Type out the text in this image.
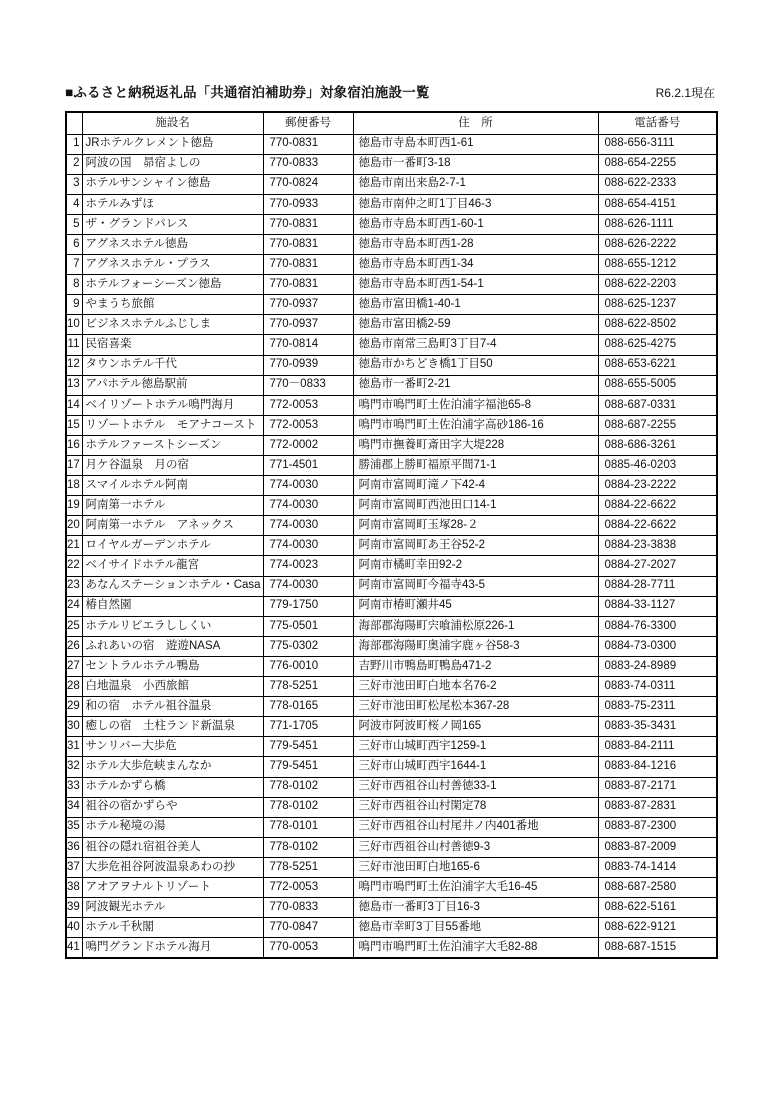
■ふるさと納税返礼品「共通宿泊補助券」対象宿泊施設一覧	R6.2.1現在
	施設名	郵便番号	住　所	電話番号
1	JRホテルクレメント徳島	770-0831	徳島市寺島本町西1-61	088-656-3111
2	阿波の国　昴宿よしの	770-0833	徳島市一番町3-18	088-654-2255
3	ホテルサンシャイン徳島	770-0824	徳島市南出来島2-7-1	088-622-2333
4	ホテルみずほ	770-0933	徳島市南仲之町1丁目46-3	088-654-4151
5	ザ・グランドパレス	770-0831	徳島市寺島本町西1-60-1	088-626-1111
6	アグネスホテル徳島	770-0831	徳島市寺島本町西1-28	088-626-2222
7	アグネスホテル・プラス	770-0831	徳島市寺島本町西1-34	088-655-1212
8	ホテルフォーシーズン徳島	770-0831	徳島市寺島本町西1-54-1	088-622-2203
9	やまうち旅館	770-0937	徳島市富田橋1-40-1	088-625-1237
10	ビジネスホテルふじしま	770-0937	徳島市富田橋2-59	088-622-8502
11	民宿喜楽	770-0814	徳島市南常三島町3丁目7-4	088-625-4275
12	タウンホテル千代	770-0939	徳島市かちどき橋1丁目50	088-653-6221
13	アパホテル徳島駅前	770－0833	徳島市一番町2-21	088-655-5005
14	ベイリゾートホテル鳴門海月	772-0053	鳴門市鳴門町土佐泊浦字福池65-8	088-687-0331
15	リゾートホテル　モアナコースト	772-0053	鳴門市鳴門町土佐泊浦字高砂186-16	088-687-2255
16	ホテルファーストシーズン	772-0002	鳴門市撫養町斎田字大堤228	088-686-3261
17	月ケ谷温泉　月の宿	771-4501	勝浦郡上勝町福原平間71-1	0885-46-0203
18	スマイルホテル阿南	774-0030	阿南市富岡町滝ノ下42-4	0884-23-2222
19	阿南第一ホテル	774-0030	阿南市富岡町西池田口14-1	0884-22-6622
20	阿南第一ホテル　アネックス	774-0030	阿南市富岡町玉塚28-２	0884-22-6622
21	ロイヤルガーデンホテル	774-0030	阿南市富岡町あ王谷52-2	0884-23-3838
22	ベイサイドホテル龍宮	774-0023	阿南市橘町幸田92-2	0884-27-2027
23	あなんステーションホテル・Casa	774-0030	阿南市富岡町今福寺43-5	0884-28-7711
24	椿自然園	779-1750	阿南市椿町瀬井45	0884-33-1127
25	ホテルリビエラししくい	775-0501	海部郡海陽町宍喰浦松原226-1	0884-76-3300
26	ふれあいの宿　遊遊NASA	775-0302	海部郡海陽町奥浦字鹿ヶ谷58-3	0884-73-0300
27	セントラルホテル鴨島	776-0010	吉野川市鴨島町鴨島471-2	0883-24-8989
28	白地温泉　小西旅館	778-5251	三好市池田町白地本名76-2	0883-74-0311
29	和の宿　ホテル祖谷温泉	778-0165	三好市池田町松尾松本367-28	0883-75-2311
30	癒しの宿　土柱ランド新温泉	771-1705	阿波市阿波町桜ノ岡165	0883-35-3431
31	サンリバー大歩危	779-5451	三好市山城町西宇1259-1	0883-84-2111
32	ホテル大歩危峡まんなか	779-5451	三好市山城町西宇1644-1	0883-84-1216
33	ホテルかずら橋	778-0102	三好市西祖谷山村善徳33-1	0883-87-2171
34	祖谷の宿かずらや	778-0102	三好市西祖谷山村閑定78	0883-87-2831
35	ホテル秘境の湯	778-0101	三好市西祖谷山村尾井ノ内401番地	0883-87-2300
36	祖谷の隠れ宿祖谷美人	778-0102	三好市西祖谷山村善徳9-3	0883-87-2009
37	大歩危祖谷阿波温泉あわの抄	778-5251	三好市池田町白地165-6	0883-74-1414
38	アオアヲナルトリゾート	772-0053	鳴門市鳴門町土佐泊浦字大毛16-45	088-687-2580
39	阿波観光ホテル	770-0833	徳島市一番町3丁目16-3	088-622-5161
40	ホテル千秋閣	770-0847	徳島市幸町3丁目55番地	088-622-9121
41	鳴門グランドホテル海月	770-0053	鳴門市鳴門町土佐泊浦字大毛82-88	088-687-1515
